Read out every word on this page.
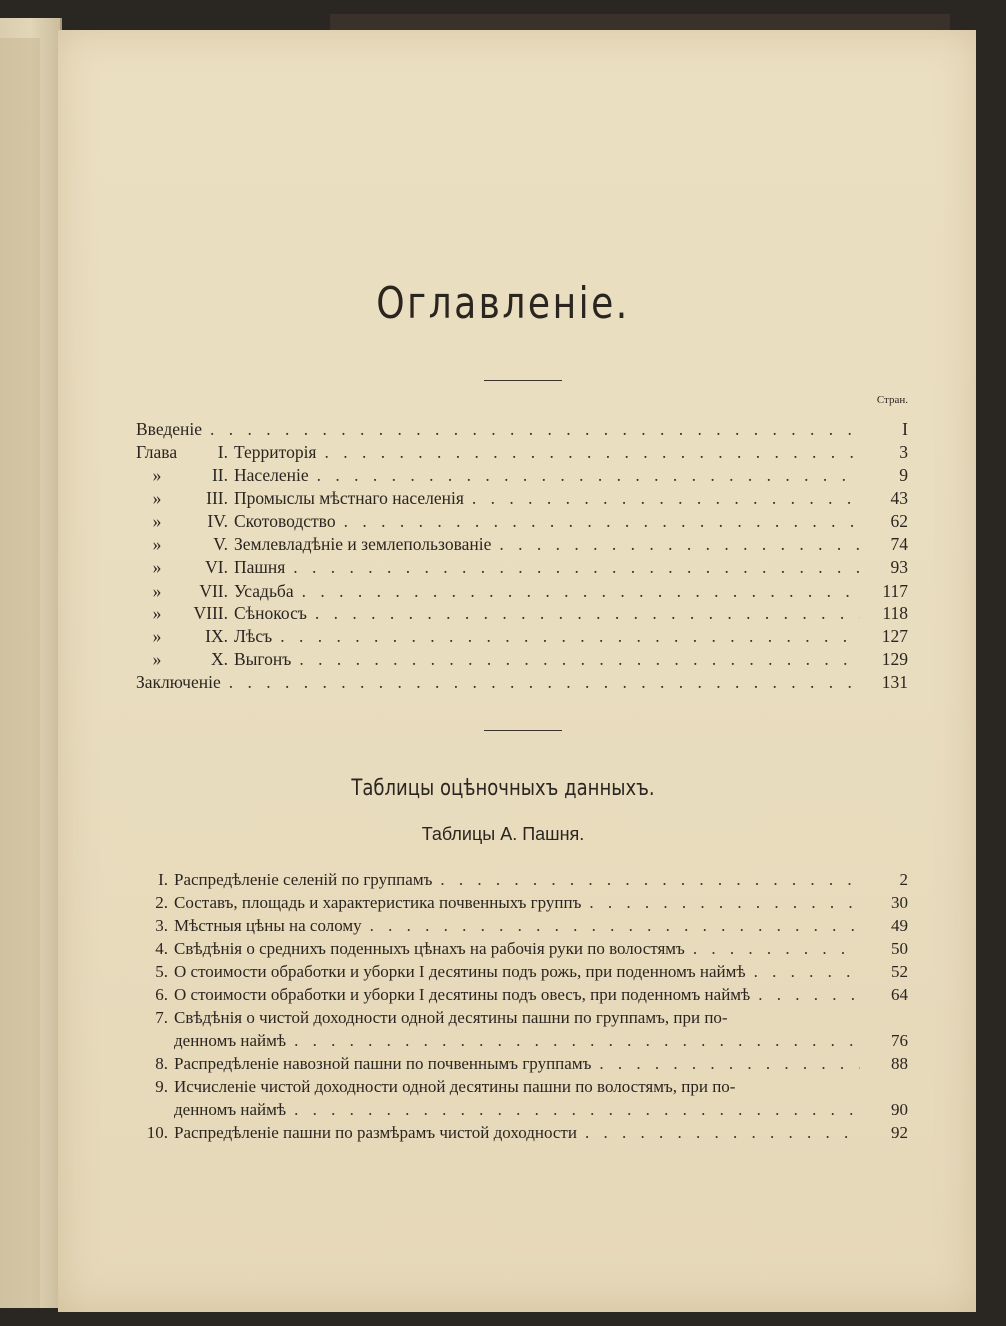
Оглавленіе.
Стран.
Введеніе . . .	I
Глава I. Территорія . . .	3
»	II. Населеніе . . .	9
»	III. Промыслы мѣстнаго населенія . . .	43
»	IV. Скотоводство . . .	62
»	V. Землевладѣніе и землепользованіе . . .	74
»	VI. Пашня . . .	93
» VII. Усадьба . . .	117
» VIII. Сѣнокосъ . . .	118
»	IX. Лѣсъ . . .	127
»	X. Выгонъ . . .	129
Заключеніе . . .	131
Таблицы оцѣночныхъ данныхъ.
Таблицы А. Пашня.
I. Распредѣленіе селеній по группамъ . . .	2
2. Составъ, площадь и характеристика почвенныхъ группъ . . .	30
3. Мѣстныя цѣны на солому . . .	49
4. Свѣдѣнія о среднихъ поденныхъ цѣнахъ на рабочія руки по волостямъ . . .	50
5. О стоимости обработки и уборки I десятины подъ рожь, при поденномъ наймѣ . . .	52
6. О стоимости обработки и уборки I десятины подъ овесъ, при поденномъ наймѣ . . .	64
7. Свѣдѣнія о чистой доходности одной десятины пашни по группамъ, при по-
денномъ наймѣ . . .	76
8. Распредѣленіе навозной пашни по почвеннымъ группамъ . . .	88
9. Исчисленіе чистой доходности одной десятины пашни по волостямъ, при по-
денномъ наймѣ . . .	90
10. Распредѣленіе пашни по размѣрамъ чистой доходности . . .	92
